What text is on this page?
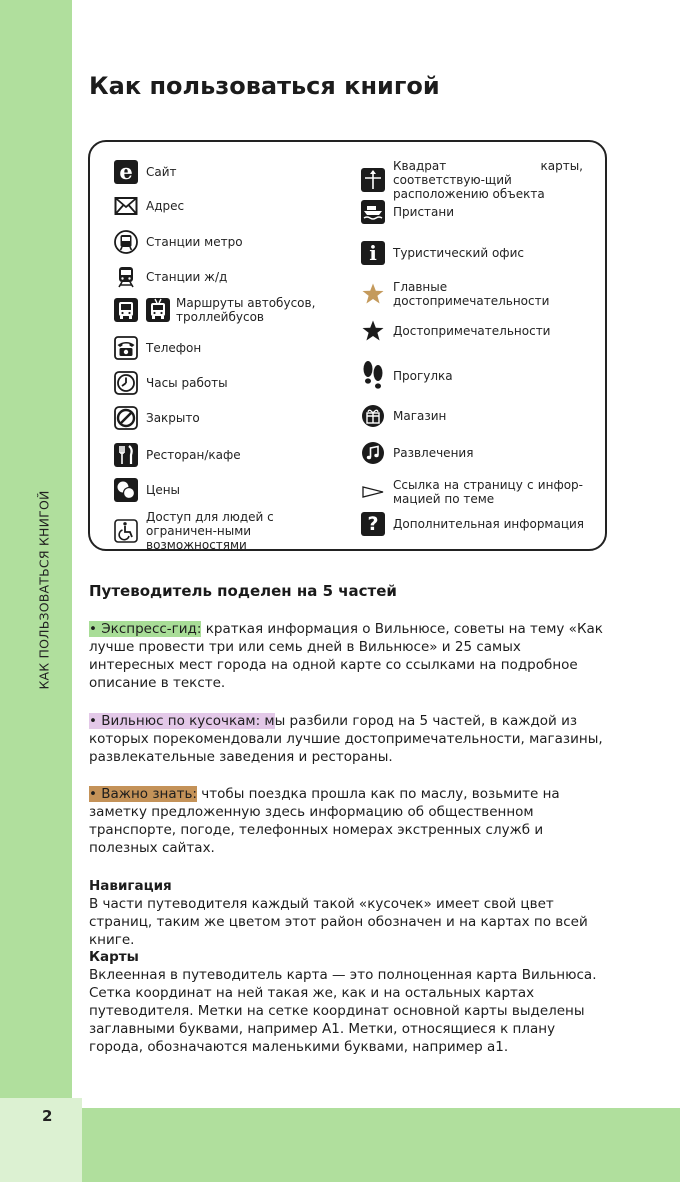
КАК ПОЛЬЗОВАТЬСЯ КНИГОЙ
2
Как пользоваться книгой
e	Сайт
Адрес
Станции метро
Станции ж/д
Маршруты автобусов, троллейбусов
Телефон
Часы работы
Закрыто
Ресторан/кафе
Цены
Доступ для людей с ограничен-ными возможностями
Квадрат карты, соответствую-щий расположению объекта
Пристани
i	Туристический офис
Главные достопримечательности
Достопримечательности
Прогулка
Магазин
Развлечения
Ссылка на страницу с инфор-мацией по теме
?	Дополнительная информация
Путеводитель поделен на 5 частей

• Экспресс-гид: краткая информация о Вильнюсе, советы на тему «Как лучше провести три или семь дней в Вильнюсе» и 25 самых интересных мест города на одной карте со ссылками на подробное описание в тексте.

• Вильнюс по кусочкам: мы разбили город на 5 частей, в каждой из которых порекомендовали лучшие достопримечательности, магазины, развлекательные заведения и рестораны.

• Важно знать: чтобы поездка прошла как по маслу, возьмите на заметку предложенную здесь информацию об общественном транспорте, погоде, телефонных номерах экстренных служб и полезных сайтах.

Навигация

В части путеводителя каждый такой «кусочек» имеет свой цвет страниц, таким же цветом этот район обозначен и на картах по всей книге.

Карты

Вклеенная в путеводитель карта — это полноценная карта Вильнюса. Сетка координат на ней такая же, как и на остальных картах путеводителя. Метки на сетке координат основной карты выделены заглавными буквами, например A1. Метки, относящиеся к плану города, обозначаются маленькими буквами, например a1.
